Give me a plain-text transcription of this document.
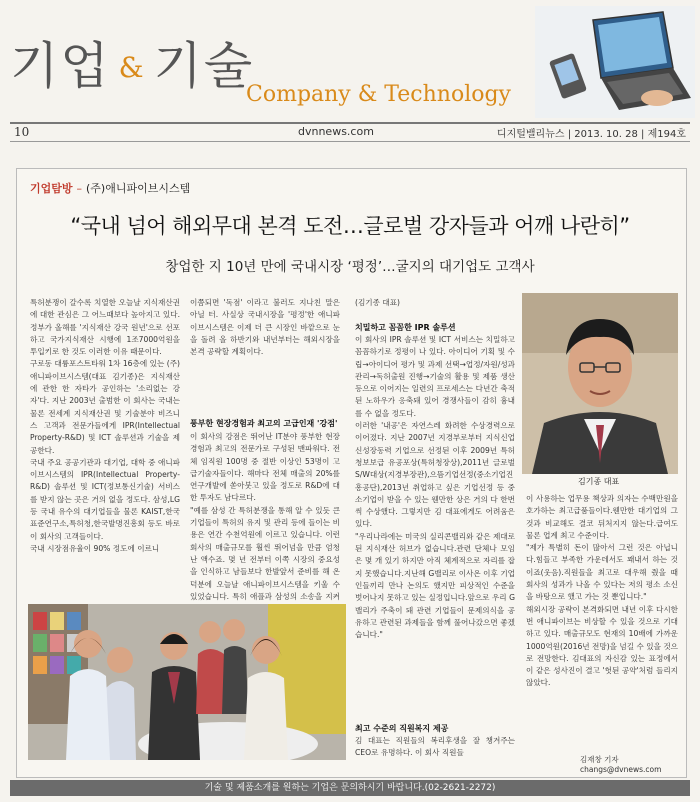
기업 & 기술
Company & Technology
10	dvnnews.com	디지털밸리뉴스 | 2013. 10. 28 | 제194호
기업탐방 – (주)애니파이브시스템
“국내 넘어 해외무대 본격 도전…글로벌 강자들과 어깨 나란히”
창업한 지 10년 만에 국내시장 ‘평정’…굴지의 대기업도 고객사
특허분쟁이 갈수록 치열한 오늘날 지식재산권에 대한 관심은 그 어느때보다 높아지고 있다. 정부가 올해를 '지식재산 강국 원년'으로 선포하고 국가지식재산 시행에 1조7000억원을 투입키로 한 것도 이러한 이유 때문이다.
구로동 대륭포스트타워 1차 16층에 있는 (주)애니파이브시스템(대표 김기종)은 지식재산에 관한 한 자타가 공인하는 '소리없는 강자'다. 지난 2003년 출범한 이 회사는 국내는 물론 전세계 지식재산권 및 기술분야 비즈니스 고객과 전문가들에게 IPR(Intellectual Property-R&D) 및 ICT 솔루션과 기술을 제공한다.
국내 주요 공공기관과 대기업, 대학 중 애니파이브시스템의 IPR(Intellectual Property-R&D) 솔루션 및 ICT(정보통신기술) 서비스를 받지 않는 곳은 거의 없을 정도다. 삼성,LG 등 국내 유수의 대기업들을 물론 KAIST,한국표준연구소,특허청,한국발명진흥회 등도 바로 이 회사의 고객들이다.
국내 시장점유율이 90% 정도에 이르니
이쯤되면 '독점' 이라고 불러도 지나친 말은 아닐 터. 사실상 국내시장을 '평정'한 애니파이브시스템은 이제 더 큰 시장인 바깥으로 눈을 돌려 올 하반기와 내년부터는 해외시장을 본격 공략할 계획이다.
풍부한 현장경험과 최고의 고급인재 '강점'
이 회사의 강점은 뛰어난 IT분야 풍부한 현장경험과 최고의 전문가로 구성된 맨파워다. 전체 임직원 100명 중 절반 이상인 53명이 고급기술자들이다. 해마다 전체 매출의 20%를 연구개발에 쏟아붓고 있을 정도로 R&D에 대한 투자도 남다르다.
"예를 삼성 간 특허분쟁을 통해 알 수 있듯 큰 기업들이 특허의 유지 및 관리 등에 들이는 비용은 연간 수천억원에 이르고 있습니다. 이런 회사의 매출규모를 훨씬 뛰어넘을 만큼 엄청난 액수죠. 몇 년 전부터 이쪽 시장의 중요성을 인식하고 남들보다 한발앞서 준비를 해 온 덕분에 오늘날 애니파이브시스템을 키울 수 있었습니다. 특히 애플과 삼성의 소송을 지켜
(김기종 대표)
치밀하고 꼼꼼한 IPR 솔루션
이 회사의 IPR 솔루션 및 ICT 서비스는 치밀하고 꼼꼼하기로 정평이 나 있다. 아이디어 기획 및 수립→아이디어 평가 및 과제 선택→업정/자원/성과 관리→독허출원 진행→기술의 활용 및 제품 생산 등으로 이어지는 일련의 프로세스는 다년간 축적된 노하우가 응축돼 있어 경쟁사들이 감히 흉내를 수 없을 정도다.
이러한 '내공'은 자연스레 화려한 수상경력으로 이어졌다. 지난 2007년 지경부로부터 지식신업 신성장동력 기업으로 선정된 이후 2009년 특허청보보급 유공포상(특허청장상),2011년 글로벌 S/W대상(지경부장관),으뜸기업선정(중소기업진흥공단),2013년 취업하고 싶은 기업선정 등 중소기업이 받을 수 있는 웬만한 상은 거의 다 한번씩 수상했다. 그렇지만 김 대표에게도 어려움은 있다.
"우리나라에는 미국의 실리콘밸리와 같은 제대로 된 지식재산 허브가 없습니다.관련 단체나 모임은 몇 개 있기 하지만 아직 체계적으로 자리를 잡지 못했습니다.지난해 G밸리로 이사온 이후 기업인들끼리 만나 논의도 했지만 피상적인 수준을 벗어나지 못하고 있는 실정입니다.앞으로 우리 G밸리가 주축이 돼 관련 기업들이 문제의식을 공유하고 관련된 과제들을 함께 풀어나갔으면 좋겠습니다."
최고 수준의 직원복지 제공
김 대표는 직원들의 복리후생을 잘 챙겨주는 CEO로 유명하다. 이 회사 직원들
김기종 대표
이 사용하는 업무용 책상과 의자는 수백만원을 호가하는 최고급품들이다.웬만한 대기업의 그것과 비교해도 결코 뒤처지지 않는다.급여도 물론 업계 최고 수준이다.
"제가 특별히 돈이 많아서 그런 것은 아닙니다.힘들고 부족한 가운데서도 꽤내서 하는 것이죠(웃음).직원들을 최고로 대우해 줬을 때 회사의 성과가 나올 수 있다는 저의 평소 소신을 바탕으로 했고 가는 것 뿐입니다."
해외시장 공략이 본격화되면 내년 이후 다시한번 애니파이브는 비상할 수 있을 것으로 기대하고 있다. 매출규모도 현재의 10배에 가까운 1000억원(2016년 전망)을 넘길 수 있을 것으로 전망한다. 김대표의 자신감 있는 표정에서 이 같은 성사진이 결고 '헛된 공약'처럼 들리지 않았다.
김재창 기자 changs@dvnews.com
기술 및 제품소개를 원하는 기업은 문의하시기 바랍니다.(02-2621-2272)
